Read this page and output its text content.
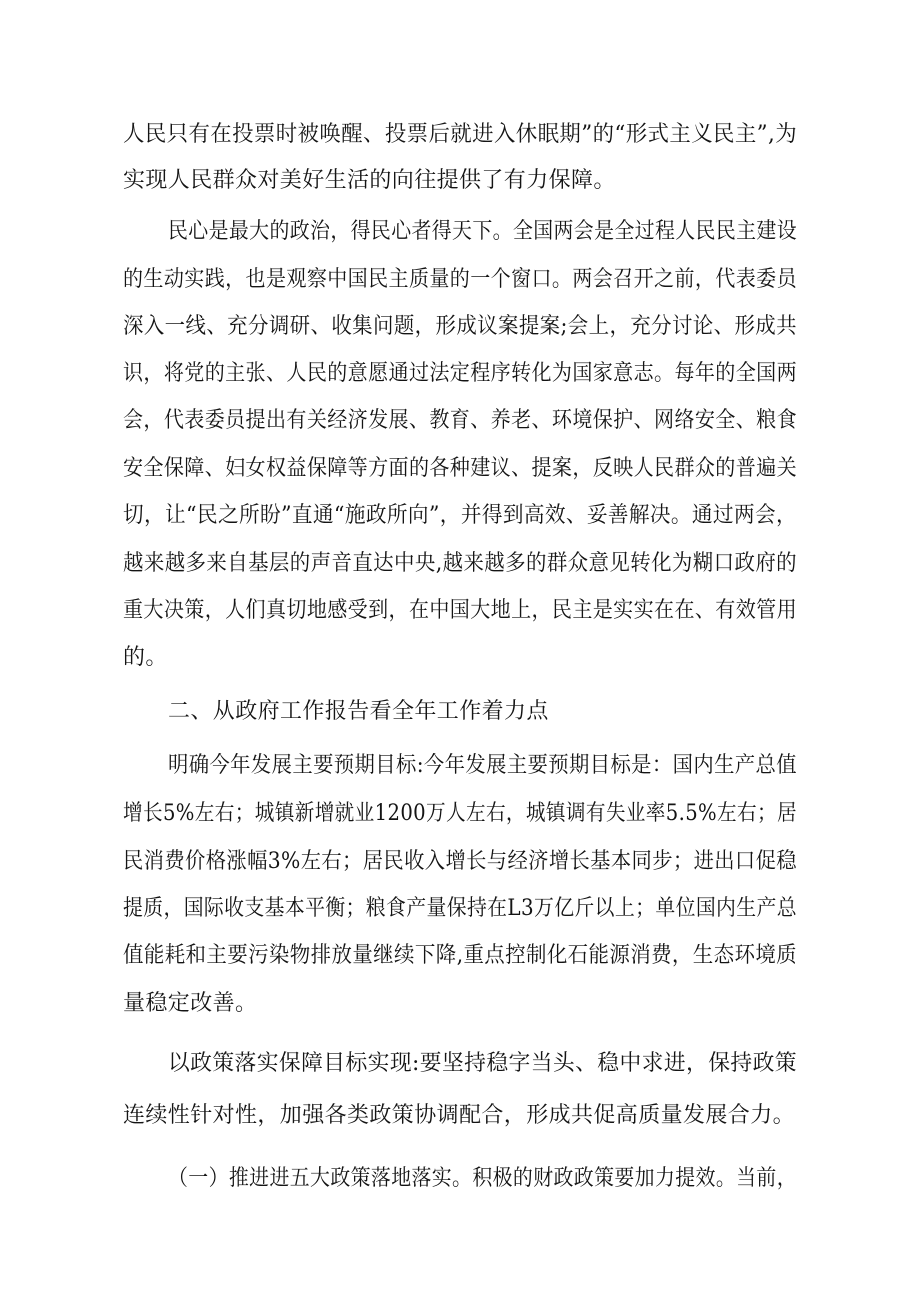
人民只有在投票时被唤醒、投票后就进入休眠期”的“形式主义民主”,为
实现人民群众对美好生活的向往提供了有力保障。
民心是最大的政治，得民心者得天下。全国两会是全过程人民民主建设
的生动实践，也是观察中国民主质量的一个窗口。两会召开之前，代表委员
深入一线、充分调研、收集问题，形成议案提案;会上，充分讨论、形成共
识，将党的主张、人民的意愿通过法定程序转化为国家意志。每年的全国两
会，代表委员提出有关经济发展、教育、养老、环境保护、网络安全、粮食
安全保障、妇女权益保障等方面的各种建议、提案，反映人民群众的普遍关
切，让“民之所盼”直通“施政所向”，并得到高效、妥善解决。通过两会，
越来越多来自基层的声音直达中央,越来越多的群众意见转化为糊口政府的
重大决策，人们真切地感受到，在中国大地上，民主是实实在在、有效管用
的。
二、从政府工作报告看全年工作着力点
明确今年发展主要预期目标:今年发展主要预期目标是：国内生产总值
增长5%左右；城镇新增就业1200万人左右，城镇调有失业率5.5%左右；居
民消费价格涨幅3%左右；居民收入增长与经济增长基本同步；进出口促稳
提质，国际收支基本平衡；粮食产量保持在L3万亿斤以上；单位国内生产总
值能耗和主要污染物排放量继续下降,重点控制化石能源消费，生态环境质
量稳定改善。
以政策落实保障目标实现:要坚持稳字当头、稳中求进，保持政策
连续性针对性，加强各类政策协调配合，形成共促高质量发展合力。
（一）推进进五大政策落地落实。积极的财政政策要加力提效。当前，
